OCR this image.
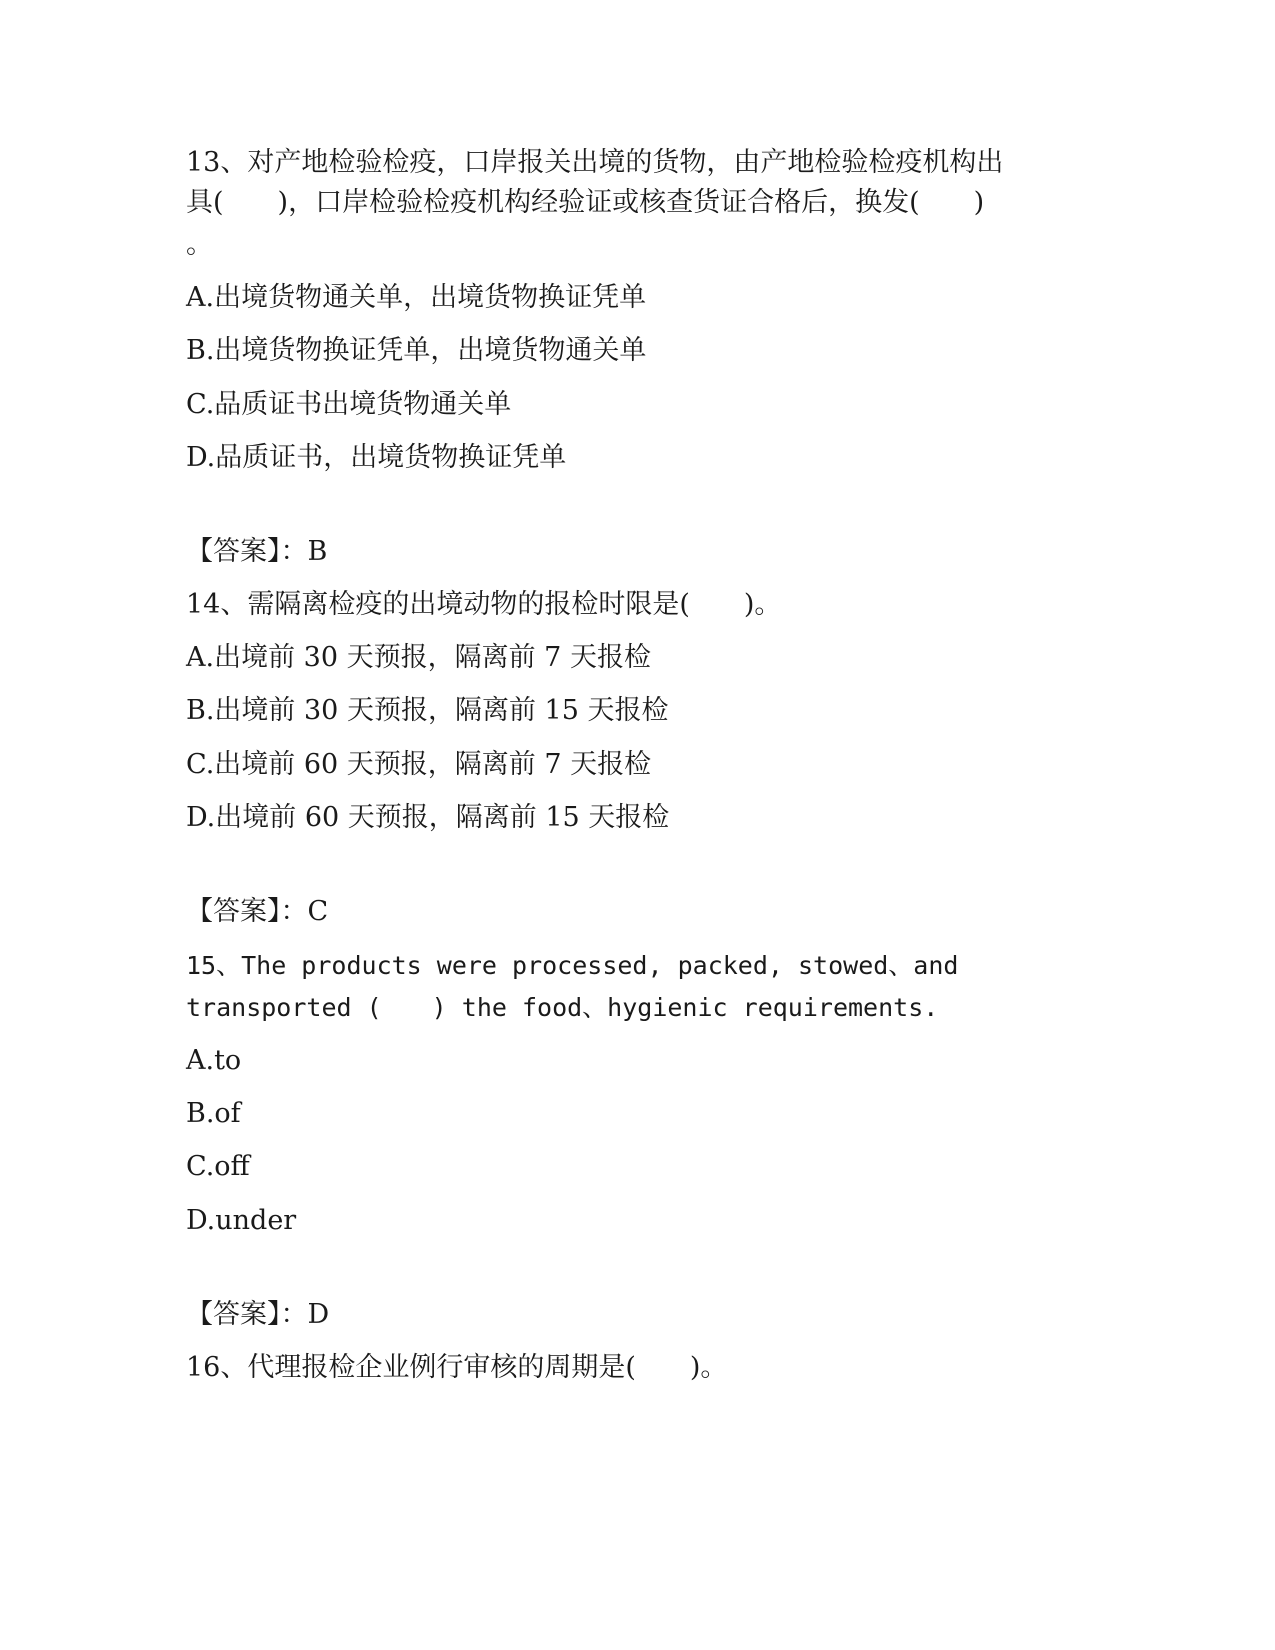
13、对产地检验检疫，口岸报关出境的货物，由产地检验检疫机构出
具(　　)，口岸检验检疫机构经验证或核查货证合格后，换发(　　)
。
A.出境货物通关单，出境货物换证凭单
B.出境货物换证凭单，出境货物通关单
C.品质证书出境货物通关单
D.品质证书，出境货物换证凭单
【答案】：B
14、需隔离检疫的出境动物的报检时限是(　　)。
A.出境前 30 天预报，隔离前 7 天报检
B.出境前 30 天预报，隔离前 15 天报检
C.出境前 60 天预报，隔离前 7 天报检
D.出境前 60 天预报，隔离前 15 天报检
【答案】：C
15、The products were processed, packed, stowed、and
transported (　　) the food、hygienic requirements.
A.to
B.of
C.off
D.under
【答案】：D
16、代理报检企业例行审核的周期是(　　)。
